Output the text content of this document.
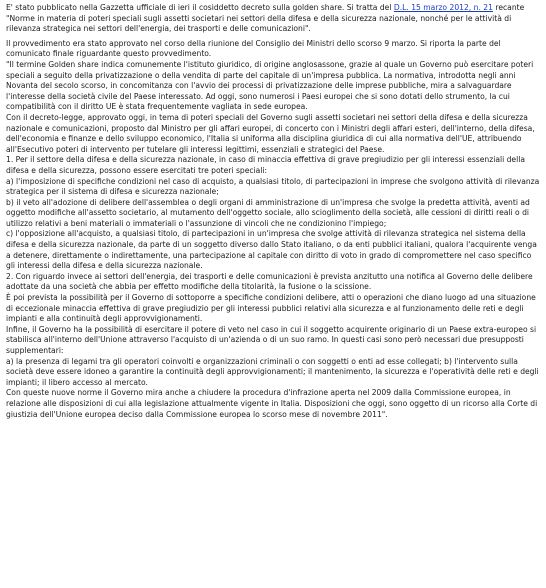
E' stato pubblicato nella Gazzetta ufficiale di ieri il cosiddetto decreto sulla golden share. Si tratta del D.L. 15 marzo 2012, n. 21 recante "Norme in materia di poteri speciali sugli assetti societari nei settori della difesa e della sicurezza nazionale, nonché per le attività di rilevanza strategica nei settori dell'energia, dei trasporti e delle comunicazioni".

Il provvedimento era stato approvato nel corso della riunione del Consiglio dei Ministri dello scorso 9 marzo. Si riporta la parte del comunicato finale riguardante questo provvedimento.

"Il termine Golden share indica comunemente l'istituto giuridico, di origine anglosassone, grazie al quale un Governo può esercitare poteri speciali a seguito della privatizzazione o della vendita di parte del capitale di un'impresa pubblica. La normativa, introdotta negli anni Novanta del secolo scorso, in concomitanza con l'avvio dei processi di privatizzazione delle imprese pubbliche, mira a salvaguardare l'interesse della società civile del Paese interessato. Ad oggi, sono numerosi i Paesi europei che si sono dotati dello strumento, la cui compatibilità con il diritto UE è stata frequentemente vagliata in sede europea.

Con il decreto-legge, approvato oggi, in tema di poteri speciali del Governo sugli assetti societari nei settori della difesa e della sicurezza nazionale e comunicazioni, proposto dal Ministro per gli affari europei, di concerto con i Ministri degli affari esteri, dell'interno, della difesa, dell'economia e finanze e dello sviluppo economico, l'Italia si uniforma alla disciplina giuridica di cui alla normativa dell'UE, attribuendo all'Esecutivo poteri di intervento per tutelare gli interessi legittimi, essenziali e strategici del Paese.

1. Per il settore della difesa e della sicurezza nazionale, in caso di minaccia effettiva di grave pregiudizio per gli interessi essenziali della difesa e della sicurezza, possono essere esercitati tre poteri speciali:

a) l'imposizione di specifiche condizioni nel caso di acquisto, a qualsiasi titolo, di partecipazioni in imprese che svolgono attività di rilevanza strategica per il sistema di difesa e sicurezza nazionale;

b) il veto all'adozione di delibere dell'assemblea o degli organi di amministrazione di un'impresa che svolge la predetta attività, aventi ad oggetto modifiche all'assetto societario, al mutamento dell'oggetto sociale, allo scioglimento della società, alle cessioni di diritti reali o di utilizzo relativi a beni materiali o immateriali o l'assunzione di vincoli che ne condizionino l'impiego;

c) l'opposizione all'acquisto, a qualsiasi titolo, di partecipazioni in un'impresa che svolge attività di rilevanza strategica nel sistema della difesa e della sicurezza nazionale, da parte di un soggetto diverso dallo Stato italiano, o da enti pubblici italiani, qualora l'acquirente venga a detenere, direttamente o indirettamente, una partecipazione al capitale con diritto di voto in grado di compromettere nel caso specifico gli interessi della difesa e della sicurezza nazionale.

2. Con riguardo invece ai settori dell'energia, dei trasporti e delle comunicazioni è prevista anzitutto una notifica al Governo delle delibere adottate da una società che abbia per effetto modifiche della titolarità, la fusione o la scissione.

È poi prevista la possibilità per il Governo di sottoporre a specifiche condizioni delibere, atti o operazioni che diano luogo ad una situazione di eccezionale minaccia effettiva di grave pregiudizio per gli interessi pubblici relativi alla sicurezza e al funzionamento delle reti e degli impianti e alla continuità degli approvvigionamenti.

Infine, il Governo ha la possibilità di esercitare il potere di veto nel caso in cui il soggetto acquirente originario di un Paese extra-europeo si stabilisca all'interno dell'Unione attraverso l'acquisto di un'azienda o di un suo ramo. In questi casi sono però necessari due presupposti supplementari:

a) la presenza di legami tra gli operatori coinvolti e organizzazioni criminali o con soggetti o enti ad esse collegati; b) l'intervento sulla società deve essere idoneo a garantire la continuità degli approvvigionamenti; il mantenimento, la sicurezza e l'operatività delle reti e degli impianti; il libero accesso al mercato.

Con queste nuove norme il Governo mira anche a chiudere la procedura d'infrazione aperta nel 2009 dalla Commissione europea, in relazione alle disposizioni di cui alla legislazione attualmente vigente in Italia. Disposizioni che oggi, sono oggetto di un ricorso alla Corte di giustizia dell'Unione europea deciso dalla Commissione europea lo scorso mese di novembre 2011".
